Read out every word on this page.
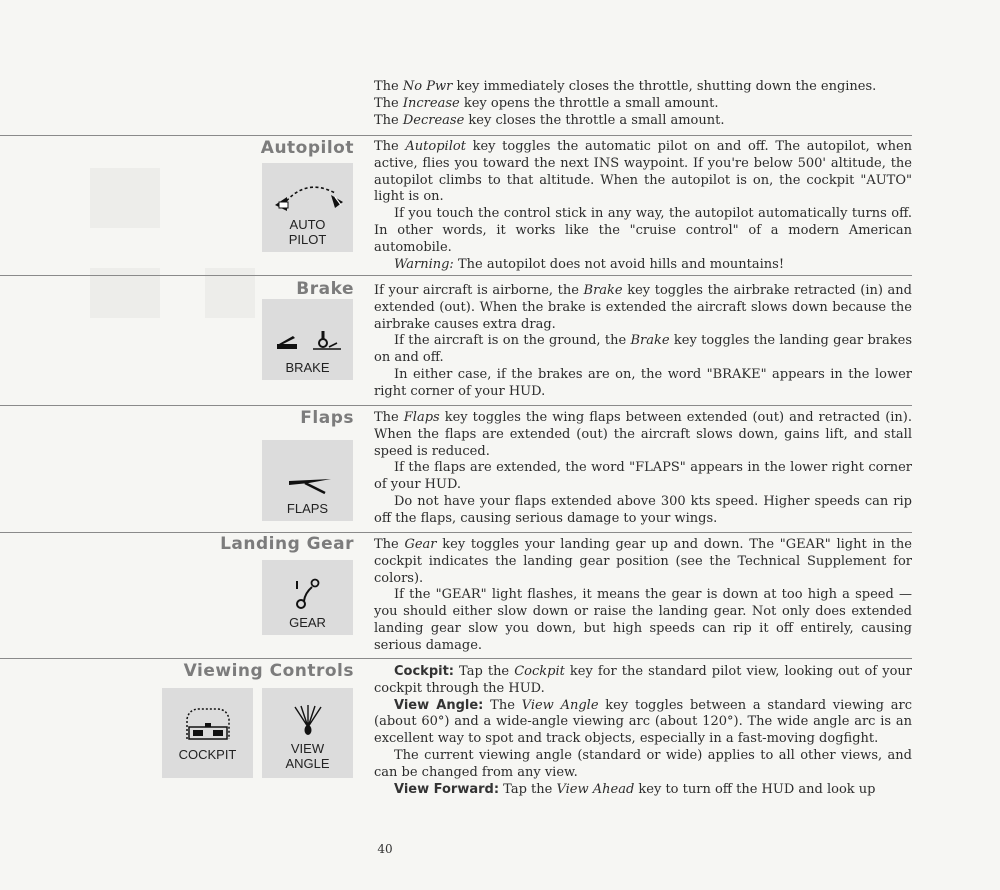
The No Pwr key immediately closes the throttle, shutting down the engines.

The Increase key opens the throttle a small amount.

The Decrease key closes the throttle a small amount.

Autopilot
AUTO
PILOT

The Autopilot key toggles the automatic pilot on and off. The autopilot, when active, flies you toward the next INS waypoint. If you're below 500' altitude, the autopilot climbs to that altitude. When the autopilot is on, the cockpit "AUTO" light is on.

If you touch the control stick in any way, the autopilot automatically turns off. In other words, it works like the "cruise control" of a modern American automobile.

Warning: The autopilot does not avoid hills and mountains!

Brake
BRAKE

If your aircraft is airborne, the Brake key toggles the airbrake retracted (in) and extended (out). When the brake is extended the aircraft slows down because the airbrake causes extra drag.

If the aircraft is on the ground, the Brake key toggles the landing gear brakes on and off.

In either case, if the brakes are on, the word "BRAKE" appears in the lower right corner of your HUD.

Flaps
FLAPS

The Flaps key toggles the wing flaps between extended (out) and retracted (in). When the flaps are extended (out) the aircraft slows down, gains lift, and stall speed is reduced.

If the flaps are extended, the word "FLAPS" appears in the lower right corner of your HUD.

Do not have your flaps extended above 300 kts speed. Higher speeds can rip off the flaps, causing serious damage to your wings.

Landing Gear
GEAR

The Gear key toggles your landing gear up and down. The "GEAR" light in the cockpit indicates the landing gear position (see the Technical Supplement for colors).

If the "GEAR" light flashes, it means the gear is down at too high a speed — you should either slow down or raise the landing gear. Not only does extended landing gear slow you down, but high speeds can rip it off entirely, causing serious damage.

Viewing Controls
COCKPIT	VIEW
ANGLE

Cockpit: Tap the Cockpit key for the standard pilot view, looking out of your cockpit through the HUD.

View Angle: The View Angle key toggles between a standard viewing arc (about 60°) and a wide-angle viewing arc (about 120°). The wide angle arc is an excellent way to spot and track objects, especially in a fast-moving dogfight.

The current viewing angle (standard or wide) applies to all other views, and can be changed from any view.

View Forward: Tap the View Ahead key to turn off the HUD and look up

40
